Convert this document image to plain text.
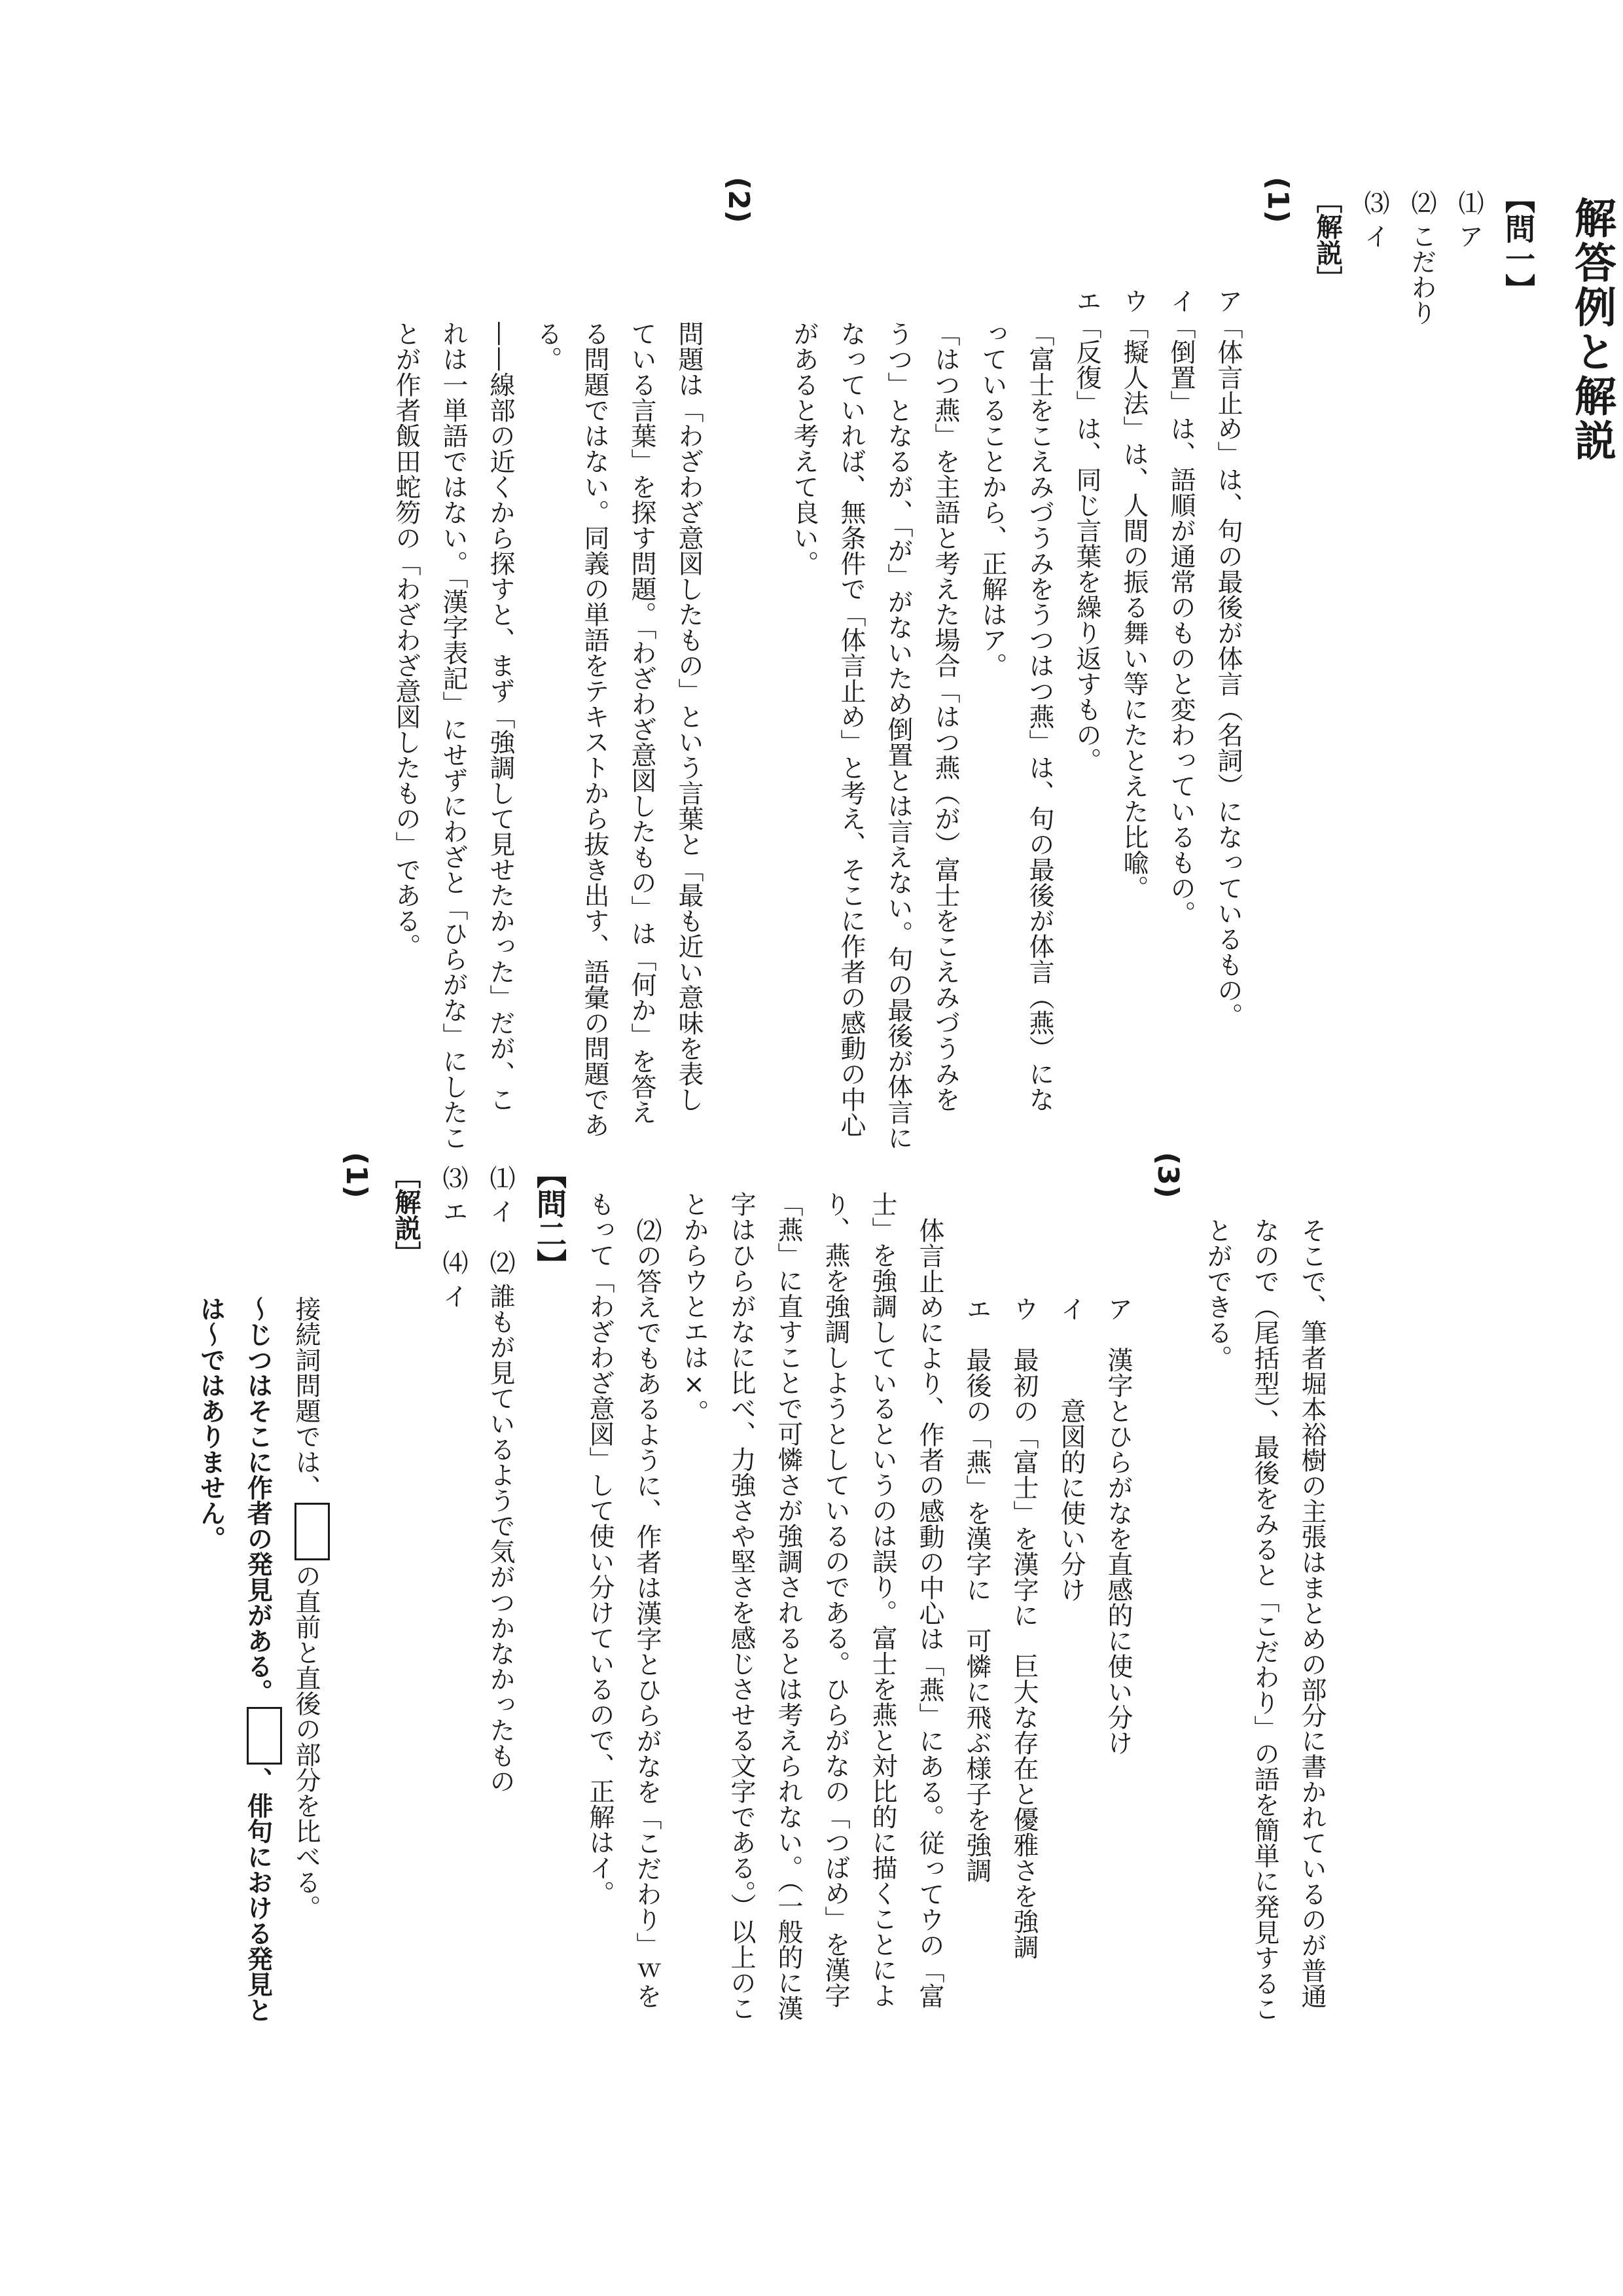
解答例と解説
【問一】
⑴ ア
⑵ こだわり
⑶ イ
［解説］
(1)
ア「体言止め」は、句の最後が体言（名詞）になっているもの。
イ「倒置」は、語順が通常のものと変わっているもの。
ウ「擬人法」は、人間の振る舞い等にたとえた比喩。
エ「反復」は、同じ言葉を繰り返すもの。
「富士をこえみづうみをうつはつ燕」は、句の最後が体言（燕）にな
っていることから、正解はア。
「はつ燕」を主語と考えた場合「はつ燕（が）富士をこえみづうみを
うつ」となるが、「が」がないため倒置とは言えない。句の最後が体言に
なっていれば、無条件で「体言止め」と考え、そこに作者の感動の中心
があると考えて良い。
(2)
問題は「わざわざ意図したもの」という言葉と「最も近い意味を表し
ている言葉」を探す問題。「わざわざ意図したもの」は「何か」を答え
る問題ではない。同義の単語をテキストから抜き出す、語彙の問題であ
る。
——線部の近くから探すと、まず「強調して見せたかった」だが、こ
れは一単語ではない。「漢字表記」にせずにわざと「ひらがな」にしたこ
とが作者飯田蛇笏の「わざわざ意図したもの」である。
そこで、筆者堀本裕樹の主張はまとめの部分に書かれているのが普通
なので（尾括型）、最後をみると「こだわり」の語を簡単に発見するこ
とができる。
(3)
ア　漢字とひらがなを直感的に使い分け
イ　　　意図的に使い分け
ウ　最初の「富士」を漢字に　巨大な存在と優雅さを強調
エ　最後の「燕」を漢字に　可憐に飛ぶ様子を強調
体言止めにより、作者の感動の中心は「燕」にある。従ってウの「富
士」を強調しているというのは誤り。富士を燕と対比的に描くことによ
り、燕を強調しようとしているのである。ひらがなの「つばめ」を漢字
「燕」に直すことで可憐さが強調されるとは考えられない。（一般的に漢
字はひらがなに比べ、力強さや堅さを感じさせる文字である。）以上のこ
とからウとエは×。
⑵の答えでもあるように、作者は漢字とひらがなを「こだわり」ｗを
もって「わざわざ意図」して使い分けているので、正解はイ。
【問二】
⑴ イ　⑵ 誰もが見ているようで気がつかなかったもの
⑶ エ　⑷ イ
［解説］
(1)
接続詞問題では、の直前と直後の部分を比べる。
～じつはそこに作者の発見がある。、俳句における発見と
は～ではありません。
